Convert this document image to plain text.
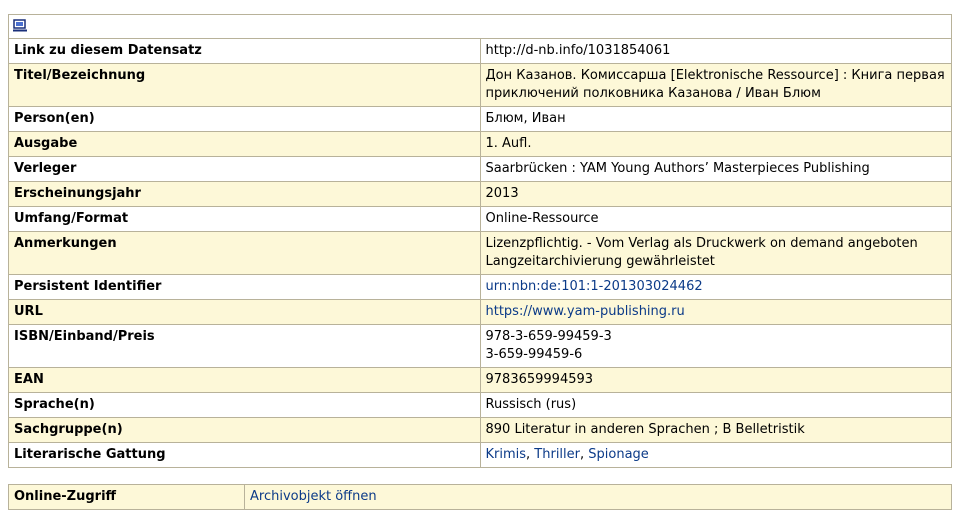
Link zu diesem Datensatz	http://d-nb.info/1031854061
Titel/Bezeichnung	Дон Казанов. Комиссарша [Elektronische Ressource] : Книга первая приключений полковника Казанова / Иван Блюм
Person(en)	Блюм, Иван
Ausgabe	1. Aufl.
Verleger	Saarbrücken : YAM Young Authors’ Masterpieces Publishing
Erscheinungsjahr	2013
Umfang/Format	Online-Ressource
Anmerkungen	Lizenzpflichtig. - Vom Verlag als Druckwerk on demand angeboten
Langzeitarchivierung gewährleistet

Persistent Identifier	urn:nbn:de:101:1-201303024462
URL	https://www.yam-publishing.ru
ISBN/Einband/Preis	978-3-659-99459-3
3-659-99459-6

EAN	9783659994593
Sprache(n)	Russisch (rus)
Sachgruppe(n)	890 Literatur in anderen Sprachen ; B Belletristik
Literarische Gattung	Krimis, Thriller, Spionage
Online-Zugriff	Archivobjekt öffnen
